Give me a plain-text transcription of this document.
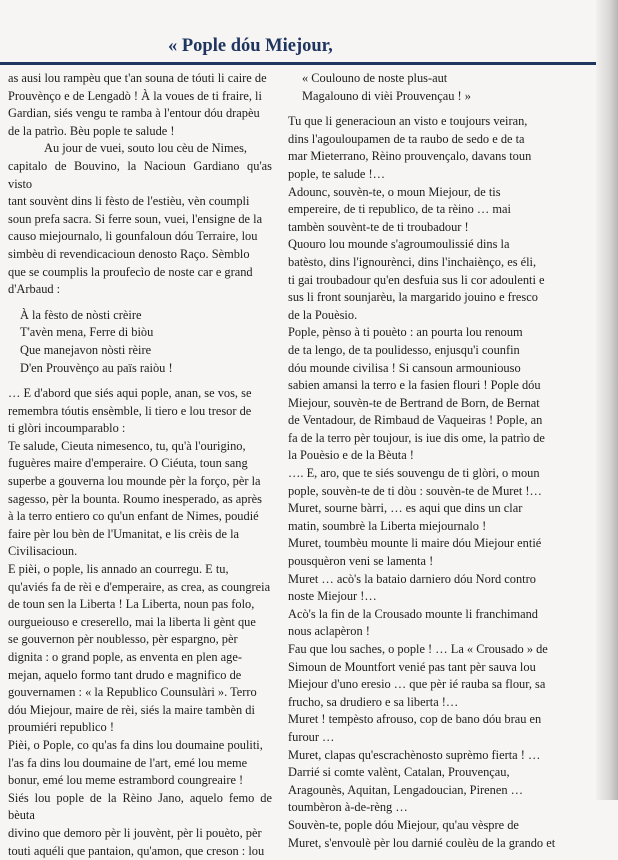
« Pople dóu Miejour,

as ausi lou rampèu que t'an souna de tóuti li caire de

Prouvènço e de Lengadò ! À la voues de ti fraire, li

Gardian, siés vengu te ramba à l'entour dóu drapèu

de la patrìo. Bèu pople te salude !

Au jour de vuei, souto lou cèu de Nimes,

capitalo de Bouvino, la Nacioun Gardiano qu'as visto

tant souvènt dins li fèsto de l'estièu, vèn coumpli

soun prefa sacra. Si ferre soun, vuei, l'ensigne de la

causo miejournalo, li gounfaloun dóu Terraire, lou

simbèu di revendicacioun denosto Raço. Sèmblo

que se coumplis la proufecìo de noste car e grand

d'Arbaud :

À la fèsto de nòsti crèire

T'avèn mena, Ferre di biòu

Que manejavon nòsti rèire

D'en Prouvènço au païs raiòu !

… E d'abord que siés aqui pople, anan, se vos, se

remembra tóutis ensèmble, li tiero e lou tresor de

ti glòri incoumparablo :

Te salude, Cieuta nimesenco, tu, qu'à l'ourigino,

fuguères maire d'emperaire. O Ciéuta, toun sang

superbe a gouverna lou mounde pèr la forço, pèr la

sagesso, pèr la bounta. Roumo inesperado, as après

à la terro entiero co qu'un enfant de Nimes, poudié

faire pèr lou bèn de l'Umanitat, e lis crèis de la

Civilisacioun.

E pièi, o pople, lis annado an courregu. E tu,

qu'aviés fa de rèi e d'emperaire, as crea, as coungreia

de toun sen la Liberta ! La Liberta, noun pas folo,

ourgueiouso e creserello, mai la liberta li gènt que

se gouvernon pèr noublesso, pèr espargno, pèr

dignita : o grand pople, as enventa en plen age-

mejan, aquelo formo tant drudo e magnifico de

gouvernamen : « la Republico Counsulàri ». Terro

dóu Miejour, maire de rèi, siés la maire tambèn di

proumiéri republico !

Pièi, o Pople, co qu'as fa dins lou doumaine pouliti,

l'as fa dins lou doumaine de l'art, emé lou meme

bonur, emé lou meme estrambord coungreaire !

Siés lou pople de la Rèino Jano, aquelo femo de bèuta

divino que demoro pèr li jouvènt, pèr li pouèto, pèr

touti aquéli que pantaion, qu'amon, que creson : lou

« Coulouno de noste plus-aut

Magalouno di vièi Prouvençau ! »

Tu que li generacioun an visto e toujours veiran,

dins l'agouloupamen de ta raubo de sedo e de ta

mar Mieterrano, Rèino prouvençalo, davans toun

pople, te salude !…

Adounc, souvèn-te, o moun Miejour, de tis

empereire, de ti republico, de ta rèino … mai

tambèn souvènt-te de ti troubadour !

Quouro lou mounde s'agroumoulissié dins la

batèsto, dins l'ignourènci, dins l'inchaiènço, es éli,

ti gai troubadour qu'en desfuia sus li cor adoulenti e

sus li front sounjarèu, la margarido jouino e fresco

de la Pouèsio.

Pople, pènso à ti pouèto : an pourta lou renoum

de ta lengo, de ta poulidesso, enjusqu'i counfin

dóu mounde civilisa ! Si cansoun armouniouso

sabien amansi la terro e la fasien flouri ! Pople dóu

Miejour, souvèn-te de Bertrand de Born, de Bernat

de Ventadour, de Rimbaud de Vaqueiras ! Pople, an

fa de la terro pèr toujour, is iue dis ome, la patrìo de

la Pouèsio e de la Bèuta !

…. E, aro, que te siés souvengu de ti glòri, o moun

pople, souvèn-te de ti dòu : souvèn-te de Muret !…

Muret, sourne bàrri, … es aqui que dins un clar

matin, soumbrè la Liberta miejournalo !

Muret, toumbèu mounte li maire dóu Miejour entié

pousquèron veni se lamenta !

Muret … acò's la bataio darniero dóu Nord contro

noste Miejour !…

Acò's la fin de la Crousado mounte li franchimand

nous aclapèron !

Fau que lou saches, o pople ! … La « Crousado » de

Simoun de Mountfort venié pas tant pèr sauva lou

Miejour d'uno eresio … que pèr ié rauba sa flour, sa

frucho, sa drudiero e sa liberta !…

Muret ! tempèsto afrouso, cop de bano dóu brau en

furour …

Muret, clapas qu'escrachènosto suprèmo fierta ! …

Darrié si comte valènt, Catalan, Prouvençau,

Aragounès, Aquitan, Lengadoucian, Pirenen …

toumbèron à-de-rèng …

Souvèn-te, pople dóu Miejour, qu'au vèspre de

Muret, s'envoulè pèr lou darnié coulèu de la grando et
